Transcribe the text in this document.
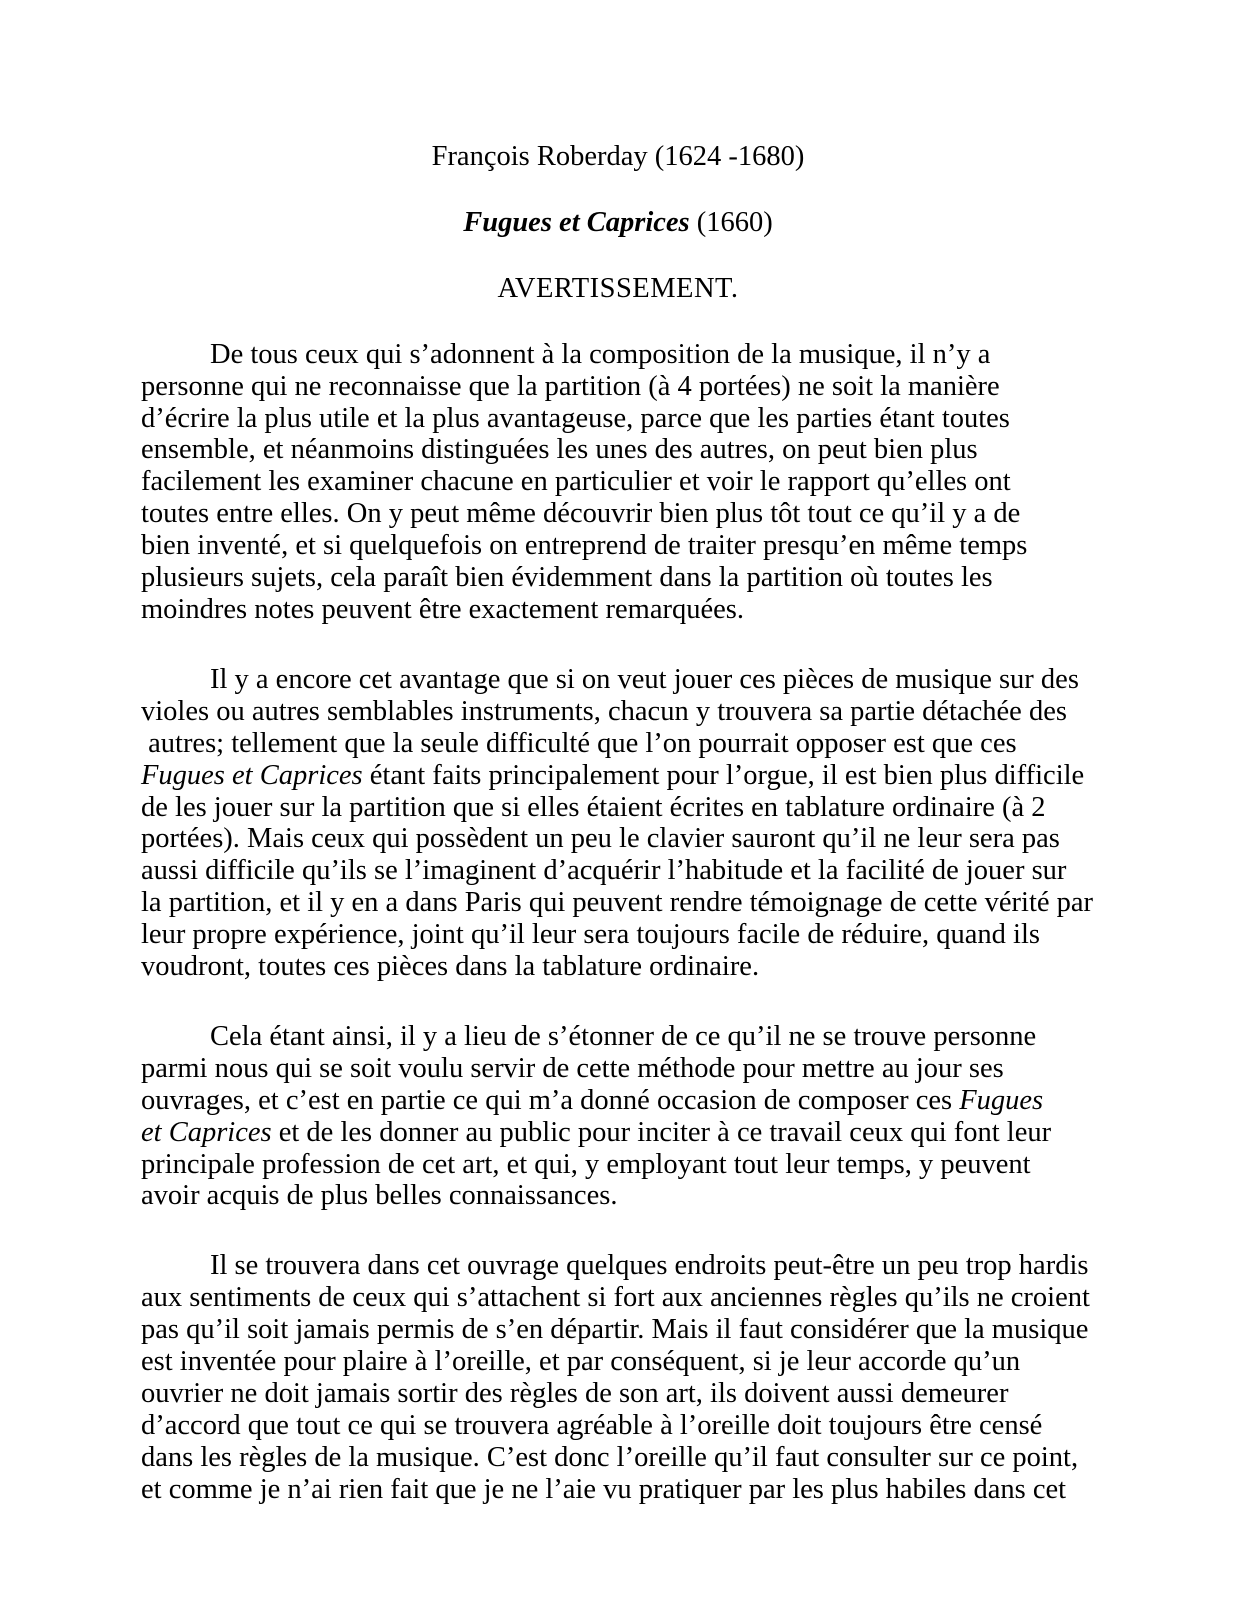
François Roberday (1624 -1680)
Fugues et Caprices (1660)
AVERTISSEMENT.

De tous ceux qui s’adonnent à la composition de la musique, il n’y a
personne qui ne reconnaisse que la partition (à 4 portées) ne soit la manière
d’écrire la plus utile et la plus avantageuse, parce que les parties étant toutes
ensemble, et néanmoins distinguées les unes des autres, on peut bien plus
facilement les examiner chacune en particulier et voir le rapport qu’elles ont
toutes entre elles. On y peut même découvrir bien plus tôt tout ce qu’il y a de
bien inventé, et si quelquefois on entreprend de traiter presqu’en même temps
plusieurs sujets, cela paraît bien évidemment dans la partition où toutes les
moindres notes peuvent être exactement remarquées.

Il y a encore cet avantage que si on veut jouer ces pièces de musique sur des
violes ou autres semblables instruments, chacun y trouvera sa partie détachée des
autres; tellement que la seule difficulté que l’on pourrait opposer est que ces
Fugues et Caprices étant faits principalement pour l’orgue, il est bien plus difficile
de les jouer sur la partition que si elles étaient écrites en tablature ordinaire (à 2
portées). Mais ceux qui possèdent un peu le clavier sauront qu’il ne leur sera pas
aussi difficile qu’ils se l’imaginent d’acquérir l’habitude et la facilité de jouer sur
la partition, et il y en a dans Paris qui peuvent rendre témoignage de cette vérité par
leur propre expérience, joint qu’il leur sera toujours facile de réduire, quand ils
voudront, toutes ces pièces dans la tablature ordinaire.

Cela étant ainsi, il y a lieu de s’étonner de ce qu’il ne se trouve personne
parmi nous qui se soit voulu servir de cette méthode pour mettre au jour ses
ouvrages, et c’est en partie ce qui m’a donné occasion de composer ces Fugues
et Caprices et de les donner au public pour inciter à ce travail ceux qui font leur
principale profession de cet art, et qui, y employant tout leur temps, y peuvent
avoir acquis de plus belles connaissances.

Il se trouvera dans cet ouvrage quelques endroits peut-être un peu trop hardis
aux sentiments de ceux qui s’attachent si fort aux anciennes règles qu’ils ne croient
pas qu’il soit jamais permis de s’en départir. Mais il faut considérer que la musique
est inventée pour plaire à l’oreille, et par conséquent, si je leur accorde qu’un
ouvrier ne doit jamais sortir des règles de son art, ils doivent aussi demeurer
d’accord que tout ce qui se trouvera agréable à l’oreille doit toujours être censé
dans les règles de la musique. C’est donc l’oreille qu’il faut consulter sur ce point,
et comme je n’ai rien fait que je ne l’aie vu pratiquer par les plus habiles dans cet
